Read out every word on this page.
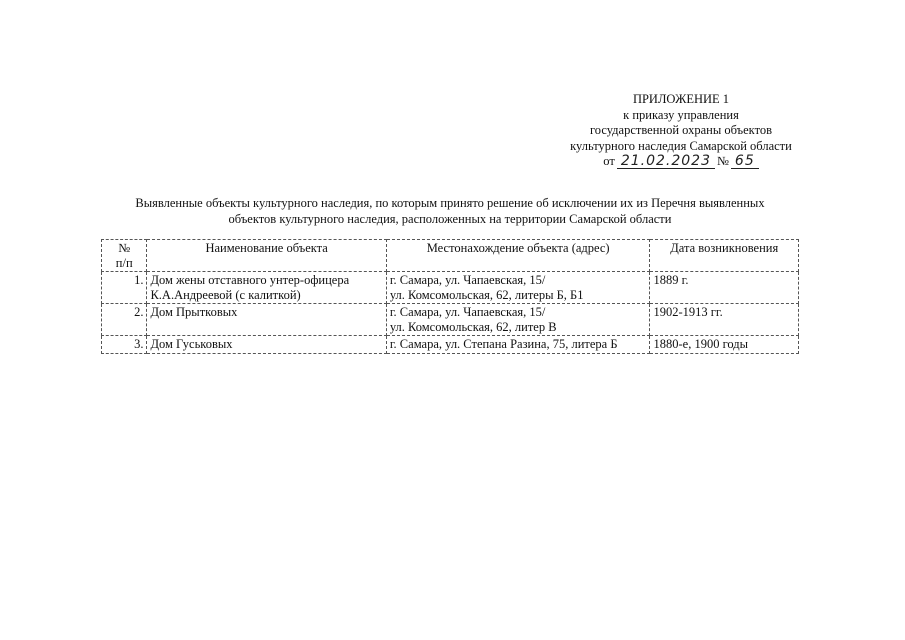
ПРИЛОЖЕНИЕ 1
к приказу управления
государственной охраны объектов
культурного наследия Самарской области
от 21.02.2023 № 65
Выявленные объекты культурного наследия, по которым принято решение об исключении их из Перечня выявленных
объектов культурного наследия, расположенных на территории Самарской области
№
п/п	Наименование объекта	Местонахождение объекта (адрес)	Дата возникновения
1.	Дом жены отставного унтер-офицера К.А.Андреевой (с калиткой)	г. Самара, ул. Чапаевская, 15/
ул. Комсомольская, 62, литеры Б, Б1	1889 г.
2.	Дом Прытковых	г. Самара, ул. Чапаевская, 15/
ул. Комсомольская, 62, литер В	1902-1913 гг.
3.	Дом Гуськовых	г. Самара, ул. Степана Разина, 75, литера Б	1880-е, 1900 годы
